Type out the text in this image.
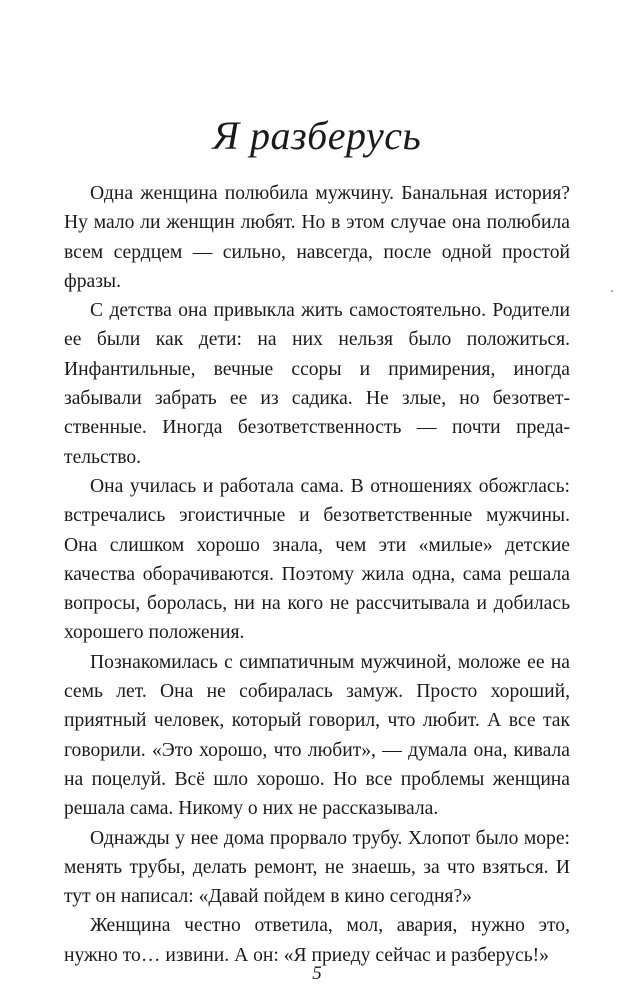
Я разберусь

Одна женщина полюбила мужчину. Банальная история? Ну мало ли женщин любят. Но в этом случае она полюбила всем сердцем — сильно, навсегда, после одной простой фразы.

С детства она привыкла жить самостоятельно. Родители ее были как дети: на них нельзя было положиться. Инфантильные, вечные ссоры и примирения, иногда забывали забрать ее из садика. Не злые, но безответственные. Иногда безответственность — почти предательство.

Она училась и работала сама. В отношениях обожглась: встречались эгоистичные и безответственные мужчины. Она слишком хорошо знала, чем эти «милые» детские качества оборачиваются. Поэтому жила одна, сама решала вопросы, боролась, ни на кого не рассчитывала и добилась хорошего положения.

Познакомилась с симпатичным мужчиной, моложе ее на семь лет. Она не собиралась замуж. Просто хороший, приятный человек, который говорил, что любит. А все так говорили. «Это хорошо, что любит», — думала она, кивала на поцелуй. Всё шло хорошо. Но все проблемы женщина решала сама. Никому о них не рассказывала.

Однажды у нее дома прорвало трубу. Хлопот было море: менять трубы, делать ремонт, не знаешь, за что взяться. И тут он написал: «Давай пойдем в кино сегодня?»

Женщина честно ответила, мол, авария, нужно это, нужно то… извини. А он: «Я приеду сейчас и разберусь!»

5
